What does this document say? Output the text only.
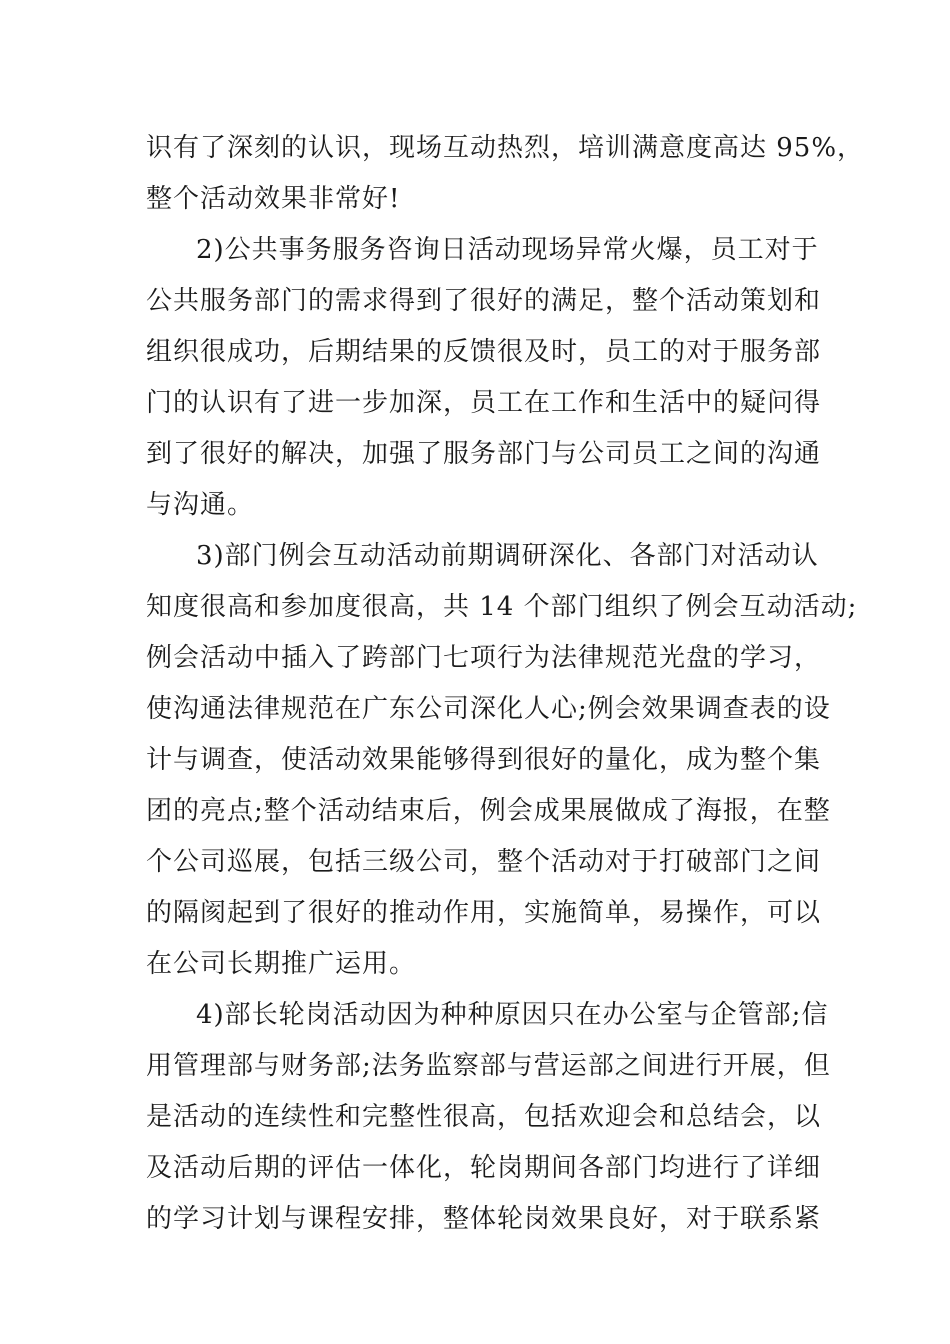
识有了深刻的认识，现场互动热烈，培训满意度高达 95%，
整个活动效果非常好!
2)公共事务服务咨询日活动现场异常火爆，员工对于
公共服务部门的需求得到了很好的满足，整个活动策划和
组织很成功，后期结果的反馈很及时，员工的对于服务部
门的认识有了进一步加深，员工在工作和生活中的疑问得
到了很好的解决，加强了服务部门与公司员工之间的沟通
与沟通。
3)部门例会互动活动前期调研深化、各部门对活动认
知度很高和参加度很高，共 14 个部门组织了例会互动活动;
例会活动中插入了跨部门七项行为法律规范光盘的学习，
使沟通法律规范在广东公司深化人心;例会效果调查表的设
计与调查，使活动效果能够得到很好的量化，成为整个集
团的亮点;整个活动结束后，例会成果展做成了海报，在整
个公司巡展，包括三级公司，整个活动对于打破部门之间
的隔阂起到了很好的推动作用，实施简单，易操作，可以
在公司长期推广运用。
4)部长轮岗活动因为种种原因只在办公室与企管部;信
用管理部与财务部;法务监察部与营运部之间进行开展，但
是活动的连续性和完整性很高，包括欢迎会和总结会，以
及活动后期的评估一体化，轮岗期间各部门均进行了详细
的学习计划与课程安排，整体轮岗效果良好，对于联系紧
